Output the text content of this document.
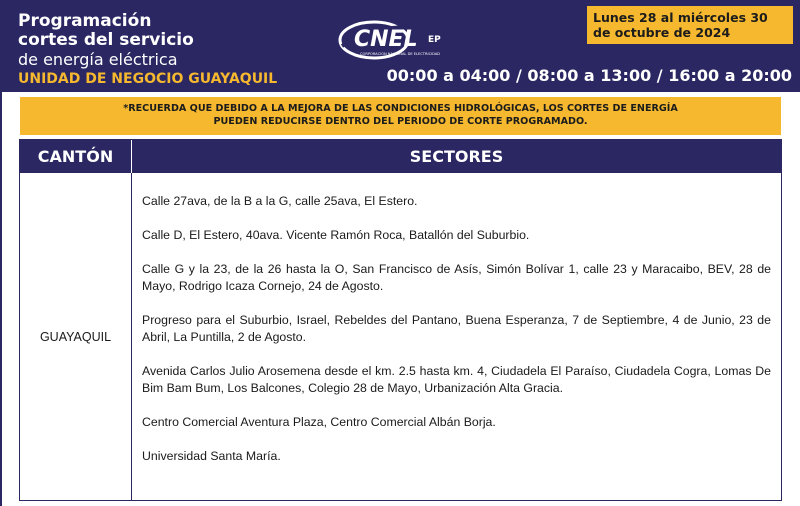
Programación
cortes del servicio
de energía eléctrica
UNIDAD DE NEGOCIO GUAYAQUIL
CNEL EP
CORPORACIÓN NACIONAL DE ELECTRICIDAD
Lunes 28 al miércoles 30 de octubre de 2024
00:00 a 04:00 / 08:00 a 13:00 / 16:00 a 20:00
*RECUERDA QUE DEBIDO A LA MEJORA DE LAS CONDICIONES HIDROLÓGICAS, LOS CORTES DE ENERGÍA
PUEDEN REDUCIRSE DENTRO DEL PERIODO DE CORTE PROGRAMADO.
CANTÓN	SECTORES
GUAYAQUIL

Calle 27ava, de la B a la G, calle 25ava, El Estero.

Calle D, El Estero, 40ava. Vicente Ramón Roca, Batallón del Suburbio.

Calle G y la 23, de la 26 hasta la O, San Francisco de Asís, Simón Bolívar 1, calle 23 y Maracaibo, BEV, 28 de Mayo, Rodrigo Icaza Cornejo, 24 de Agosto.

Progreso para el Suburbio, Israel, Rebeldes del Pantano, Buena Esperanza, 7 de Septiembre, 4 de Junio, 23 de Abril, La Puntilla, 2 de Agosto.

Avenida Carlos Julio Arosemena desde el km. 2.5 hasta km. 4, Ciudadela El Paraíso, Ciudadela Cogra, Lomas De Bim Bam Bum, Los Balcones, Colegio 28 de Mayo, Urbanización Alta Gracia.

Centro Comercial Aventura Plaza, Centro Comercial Albán Borja.

Universidad Santa María.
